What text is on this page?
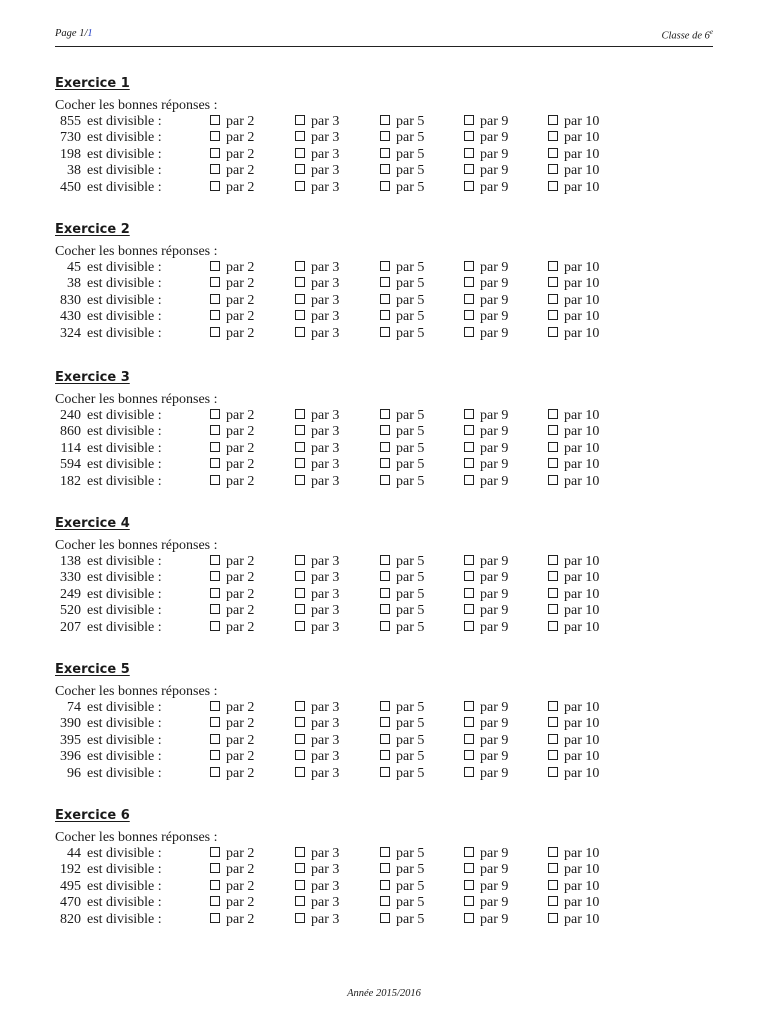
Page 1/1	Classe de 6e
Exercice 1
Cocher les bonnes réponses :
855 est divisible :	par 2	par 3	par 5	par 9	par 10
730 est divisible :	par 2	par 3	par 5	par 9	par 10
198 est divisible :	par 2	par 3	par 5	par 9	par 10
38 est divisible :	par 2	par 3	par 5	par 9	par 10
450 est divisible :	par 2	par 3	par 5	par 9	par 10
Exercice 2
Cocher les bonnes réponses :
45 est divisible :	par 2	par 3	par 5	par 9	par 10
38 est divisible :	par 2	par 3	par 5	par 9	par 10
830 est divisible :	par 2	par 3	par 5	par 9	par 10
430 est divisible :	par 2	par 3	par 5	par 9	par 10
324 est divisible :	par 2	par 3	par 5	par 9	par 10
Exercice 3
Cocher les bonnes réponses :
240 est divisible :	par 2	par 3	par 5	par 9	par 10
860 est divisible :	par 2	par 3	par 5	par 9	par 10
114 est divisible :	par 2	par 3	par 5	par 9	par 10
594 est divisible :	par 2	par 3	par 5	par 9	par 10
182 est divisible :	par 2	par 3	par 5	par 9	par 10
Exercice 4
Cocher les bonnes réponses :
138 est divisible :	par 2	par 3	par 5	par 9	par 10
330 est divisible :	par 2	par 3	par 5	par 9	par 10
249 est divisible :	par 2	par 3	par 5	par 9	par 10
520 est divisible :	par 2	par 3	par 5	par 9	par 10
207 est divisible :	par 2	par 3	par 5	par 9	par 10
Exercice 5
Cocher les bonnes réponses :
74 est divisible :	par 2	par 3	par 5	par 9	par 10
390 est divisible :	par 2	par 3	par 5	par 9	par 10
395 est divisible :	par 2	par 3	par 5	par 9	par 10
396 est divisible :	par 2	par 3	par 5	par 9	par 10
96 est divisible :	par 2	par 3	par 5	par 9	par 10
Exercice 6
Cocher les bonnes réponses :
44 est divisible :	par 2	par 3	par 5	par 9	par 10
192 est divisible :	par 2	par 3	par 5	par 9	par 10
495 est divisible :	par 2	par 3	par 5	par 9	par 10
470 est divisible :	par 2	par 3	par 5	par 9	par 10
820 est divisible :	par 2	par 3	par 5	par 9	par 10
Année 2015/2016
